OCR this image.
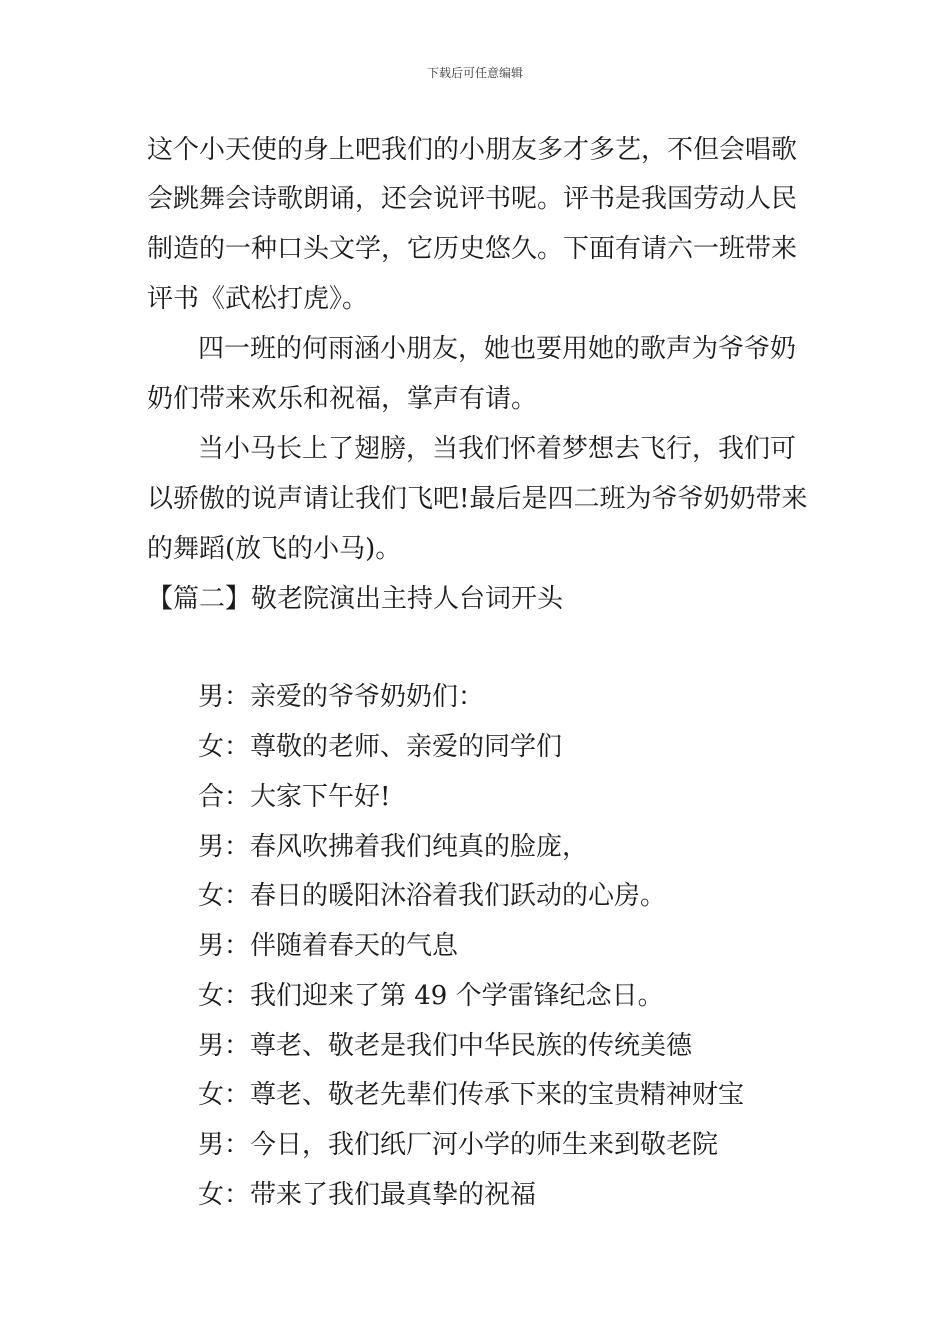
下载后可任意编辑
这个小天使的身上吧我们的小朋友多才多艺，不但会唱歌
会跳舞会诗歌朗诵，还会说评书呢。评书是我国劳动人民
制造的一种口头文学，它历史悠久。下面有请六一班带来
评书《武松打虎》。
四一班的何雨涵小朋友，她也要用她的歌声为爷爷奶
奶们带来欢乐和祝福，掌声有请。
当小马长上了翅膀，当我们怀着梦想去飞行，我们可
以骄傲的说声请让我们飞吧!最后是四二班为爷爷奶奶带来
的舞蹈(放飞的小马)。
【篇二】敬老院演出主持人台词开头
男：亲爱的爷爷奶奶们：
女：尊敬的老师、亲爱的同学们
合：大家下午好!
男：春风吹拂着我们纯真的脸庞，
女：春日的暖阳沐浴着我们跃动的心房。
男：伴随着春天的气息
女：我们迎来了第 49 个学雷锋纪念日。
男：尊老、敬老是我们中华民族的传统美德
女：尊老、敬老先辈们传承下来的宝贵精神财宝
男：今日，我们纸厂河小学的师生来到敬老院
女：带来了我们最真挚的祝福
